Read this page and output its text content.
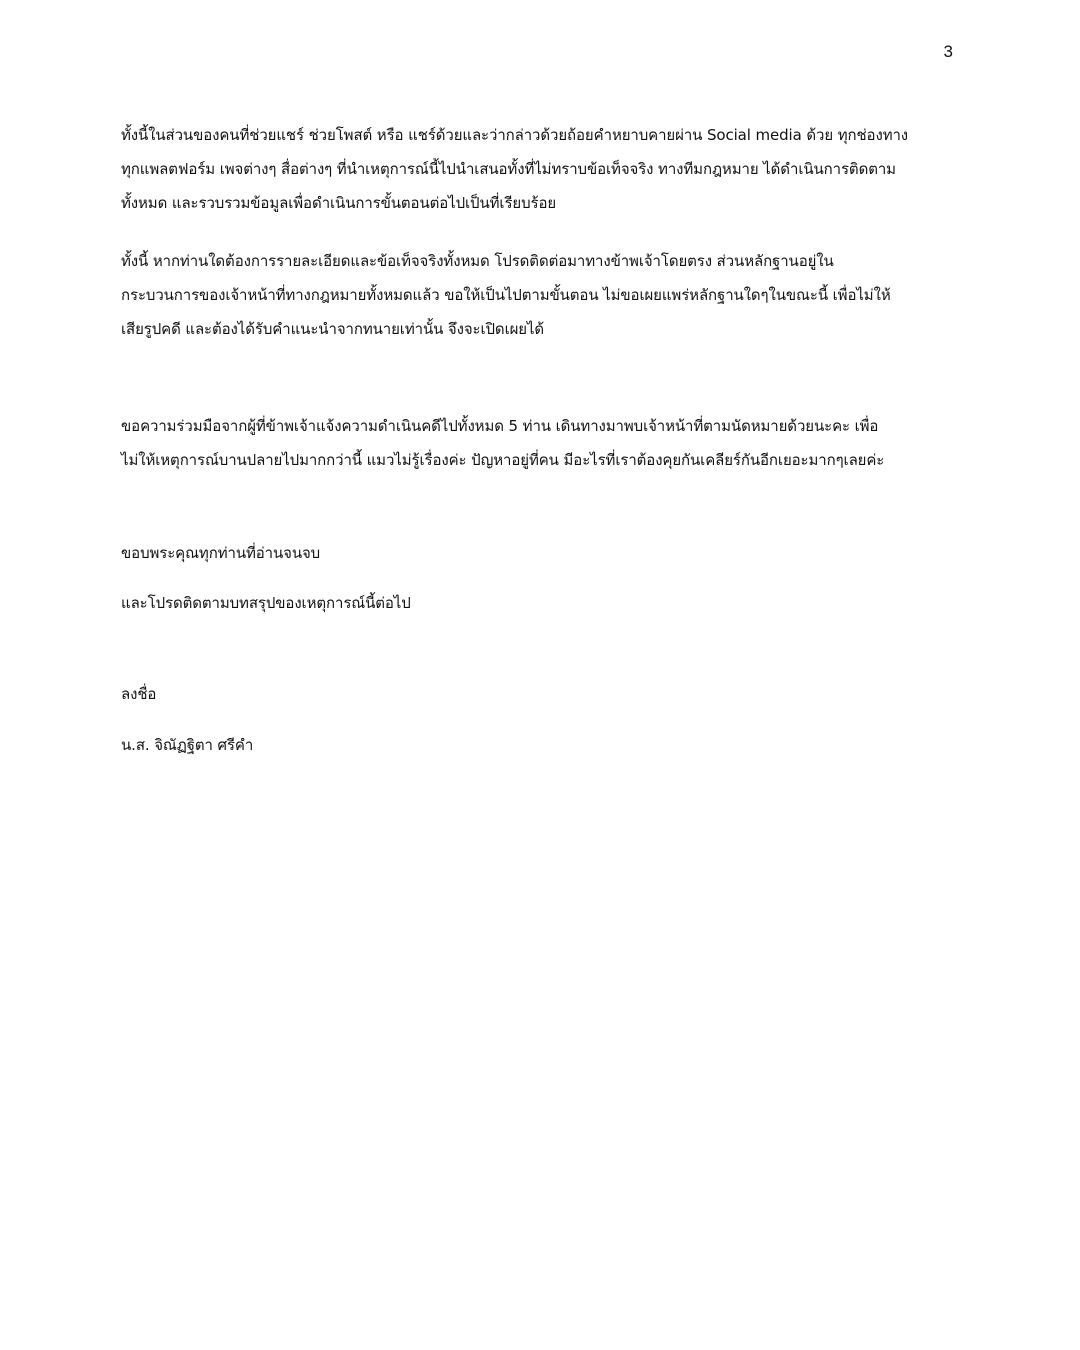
3
ทั้งนี้ในส่วนของคนที่ช่วยแชร์ ช่วยโพสต์ หรือ แชร์ด้วยและว่ากล่าวด้วยถ้อยคำหยาบคายผ่าน Social media ด้วย ทุกช่องทาง
ทุกแพลตฟอร์ม เพจต่างๆ สื่อต่างๆ ที่นำเหตุการณ์นี้ไปนำเสนอทั้งที่ไม่ทราบข้อเท็จจริง ทางทีมกฎหมาย ได้ดำเนินการติดตาม
ทั้งหมด และรวบรวมข้อมูลเพื่อดำเนินการขั้นตอนต่อไปเป็นที่เรียบร้อย
ทั้งนี้ หากท่านใดต้องการรายละเอียดและข้อเท็จจริงทั้งหมด โปรดติดต่อมาทางข้าพเจ้าโดยตรง ส่วนหลักฐานอยู่ใน
กระบวนการของเจ้าหน้าที่ทางกฎหมายทั้งหมดแล้ว ขอให้เป็นไปตามขั้นตอน ไม่ขอเผยแพร่หลักฐานใดๆในขณะนี้ เพื่อไม่ให้
เสียรูปคดี และต้องได้รับคำแนะนำจากทนายเท่านั้น จึงจะเปิดเผยได้
ขอความร่วมมือจากผู้ที่ข้าพเจ้าแจ้งความดำเนินคดีไปทั้งหมด 5 ท่าน เดินทางมาพบเจ้าหน้าที่ตามนัดหมายด้วยนะคะ เพื่อ
ไม่ให้เหตุการณ์บานปลายไปมากกว่านี้ แมวไม่รู้เรื่องค่ะ ปัญหาอยู่ที่คน มีอะไรที่เราต้องคุยกันเคลียร์กันอีกเยอะมากๆเลยค่ะ
ขอบพระคุณทุกท่านที่อ่านจนจบ
และโปรดติดตามบทสรุปของเหตุการณ์นี้ต่อไป
ลงชื่อ
น.ส. จิณัฏฐิตา ศรีคำ
